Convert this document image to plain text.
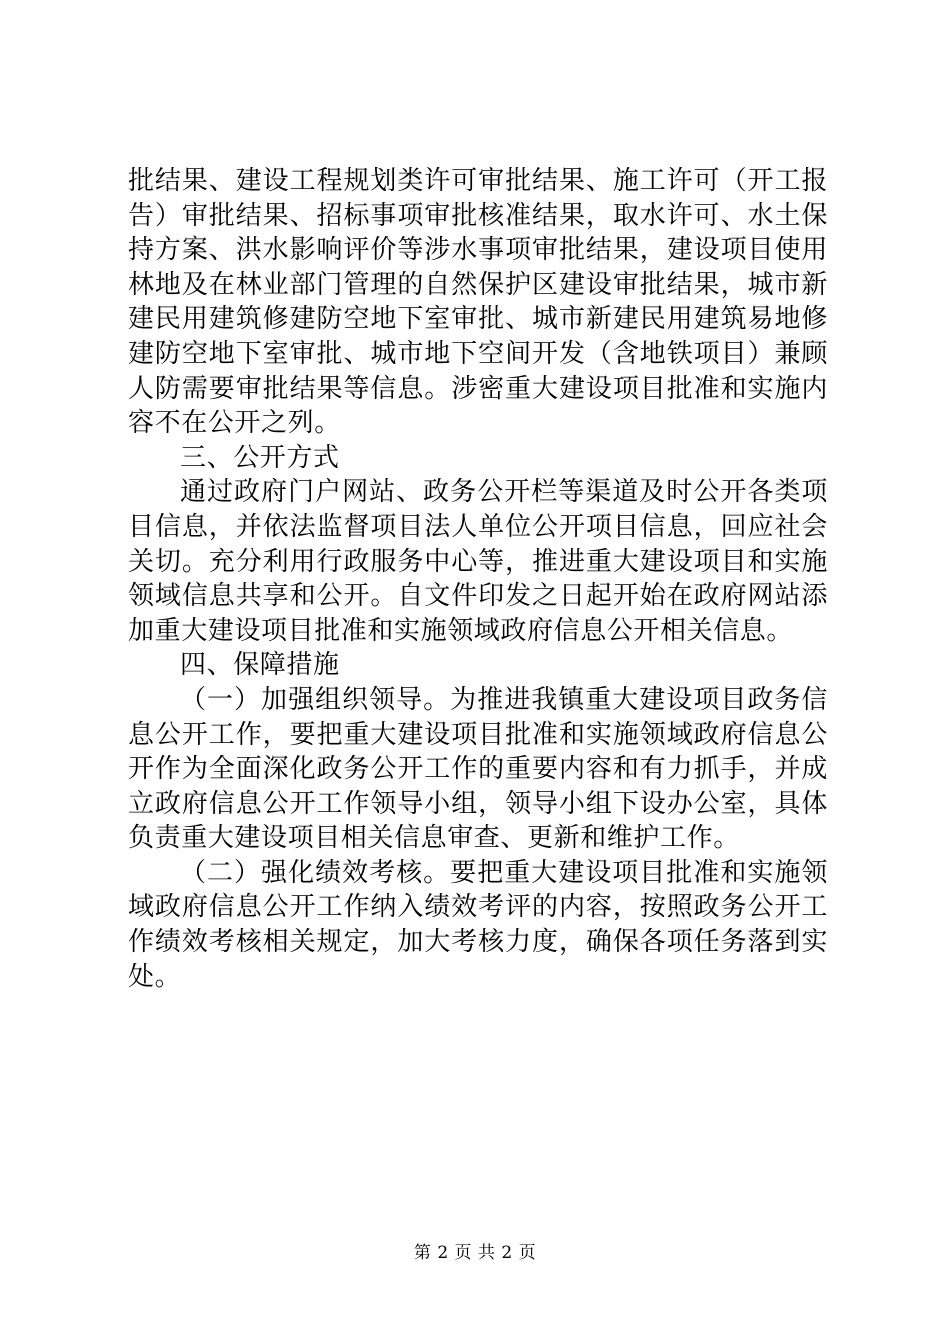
批结果、建设工程规划类许可审批结果、施工许可（开工报告）审批结果、招标事项审批核准结果，取水许可、水土保持方案、洪水影响评价等涉水事项审批结果，建设项目使用林地及在林业部门管理的自然保护区建设审批结果，城市新建民用建筑修建防空地下室审批、城市新建民用建筑易地修建防空地下室审批、城市地下空间开发（含地铁项目）兼顾人防需要审批结果等信息。涉密重大建设项目批准和实施内容不在公开之列。

三、公开方式

通过政府门户网站、政务公开栏等渠道及时公开各类项目信息，并依法监督项目法人单位公开项目信息，回应社会关切。充分利用行政服务中心等，推进重大建设项目和实施领域信息共享和公开。自文件印发之日起开始在政府网站添加重大建设项目批准和实施领域政府信息公开相关信息。

四、保障措施

（一）加强组织领导。为推进我镇重大建设项目政务信息公开工作，要把重大建设项目批准和实施领域政府信息公开作为全面深化政务公开工作的重要内容和有力抓手，并成立政府信息公开工作领导小组，领导小组下设办公室，具体负责重大建设项目相关信息审查、更新和维护工作。

（二）强化绩效考核。要把重大建设项目批准和实施领域政府信息公开工作纳入绩效考评的内容，按照政务公开工作绩效考核相关规定，加大考核力度，确保各项任务落到实处。

第 2 页 共 2 页
